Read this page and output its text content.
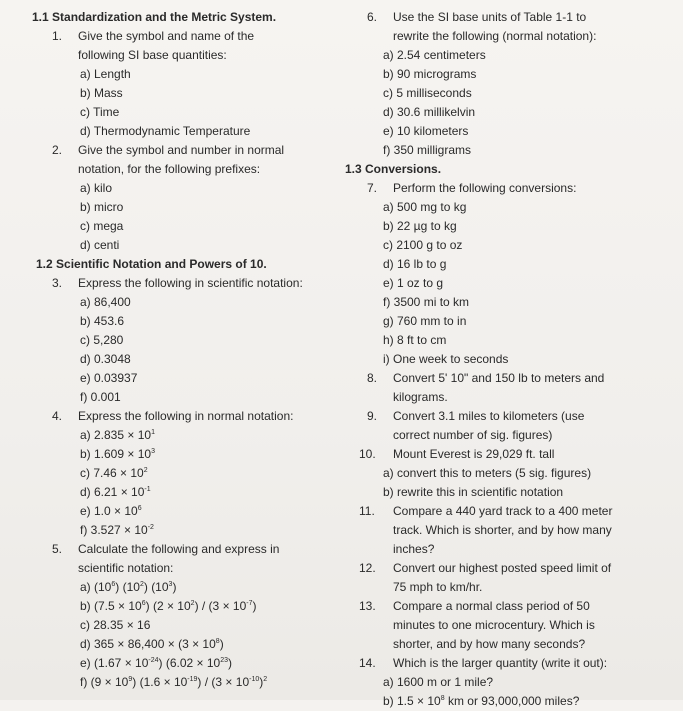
1.1 Standardization and the Metric System.
1. Give the symbol and name of the following SI base quantities:
a) Length
b) Mass
c) Time
d) Thermodynamic Temperature
2. Give the symbol and number in normal notation, for the following prefixes:
a) kilo
b) micro
c) mega
d) centi
1.2 Scientific Notation and Powers of 10.
3. Express the following in scientific notation:
a) 86,400
b) 453.6
c) 5,280
d) 0.3048
e) 0.03937
f) 0.001
4. Express the following in normal notation:
a) $2.835 \times 10^1$
b) $1.609 \times 10^3$
c) $7.46 \times 10^2$
d) $6.21 \times 10^{-1}$
e) $1.0 \times 10^6$
f) $3.527 \times 10^{-2}$
5. Calculate the following and express in scientific notation:
a) $(10^6)$ $(10^2)$ $(10^3)$
b) $(7.5 \times 10^6)$ $(2 \times 10^2) / (3 \times 10^{-7})$
c) 28.35 × 16
d) $365 \times 86,400 \times (3 \times 10^8)$
e) $(1.67 \times 10^{-24})$ $(6.02 \times 10^{23})$
f) $(9 \times 10^9)$ $(1.6 \times 10^{-19}) / (3 \times 10^{-10})^2$
6. Use the SI base units of Table 1-1 to rewrite the following (normal notation):
a) 2.54 centimeters
b) 90 micrograms
c) 5 milliseconds
d) 30.6 millikelvin
e) 10 kilometers
f) 350 milligrams
1.3 Conversions.
7. Perform the following conversions:
a) 500 mg to kg
b) 22 µg to kg
c) 2100 g to oz
d) 16 lb to g
e) 1 oz to g
f) 3500 mi to km
g) 760 mm to in
h) 8 ft to cm
i) One week to seconds
8. Convert 5' 10" and 150 lb to meters and kilograms.
9. Convert 3.1 miles to kilometers (use correct number of sig. figures)
10. Mount Everest is 29,029 ft. tall
a) convert this to meters (5 sig. figures)
b) rewrite this in scientific notation
11. Compare a 440 yard track to a 400 meter track. Which is shorter, and by how many inches?
12. Convert our highest posted speed limit of 75 mph to km/hr.
13. Compare a normal class period of 50 minutes to one microcentury. Which is shorter, and by how many seconds?
14. Which is the larger quantity (write it out):
a) 1600 m or 1 mile?
b) $1.5 \times 10^8$ km or 93,000,000 miles?
